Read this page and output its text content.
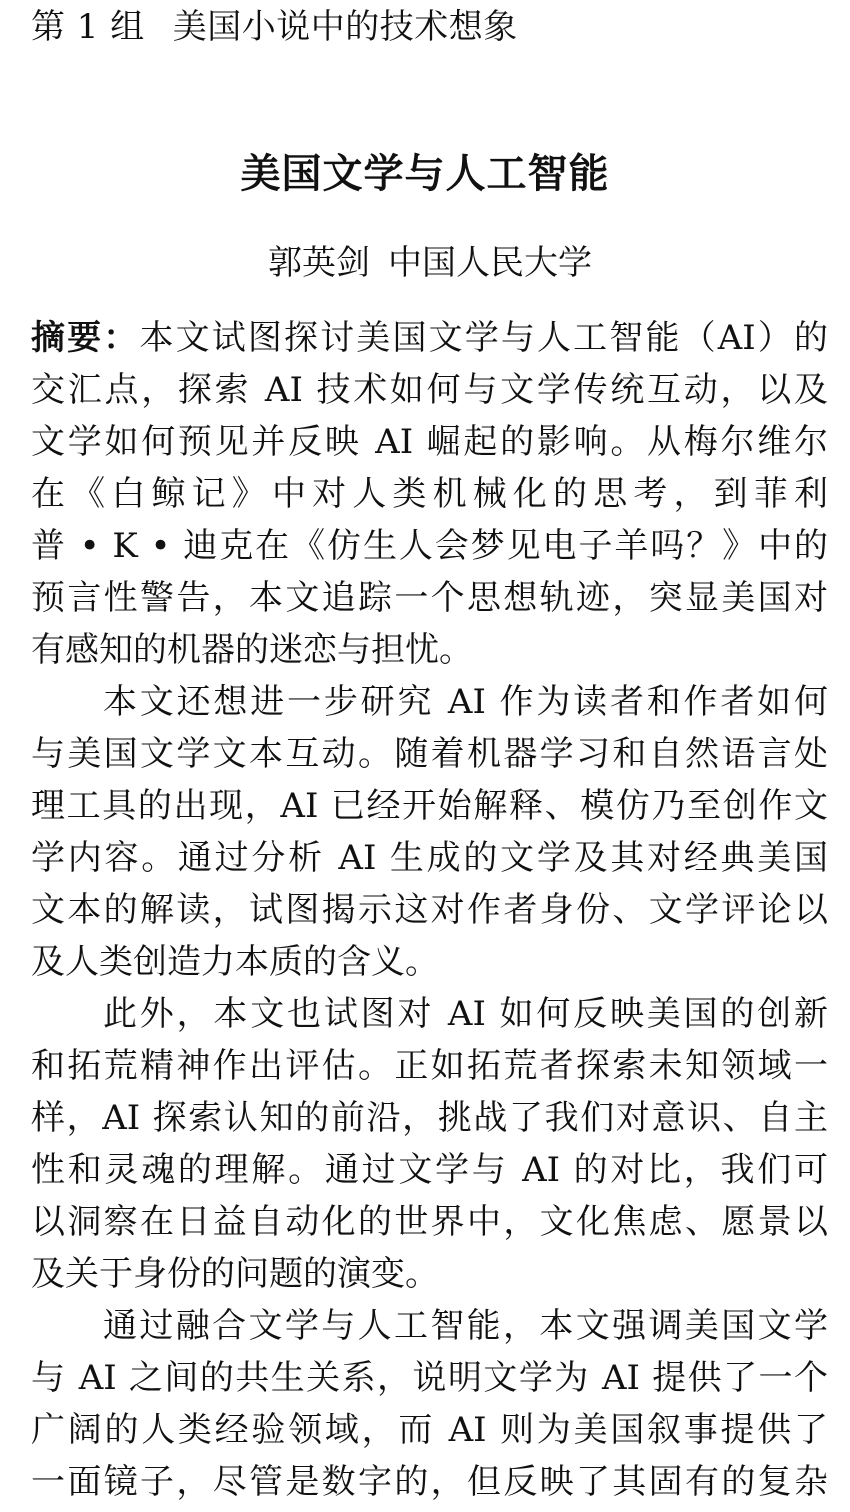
第 1 组 美国小说中的技术想象
美国文学与人工智能
郭英剑 中国人民大学
摘要：本文试图探讨美国文学与人工智能（AI）的
交汇点，探索 AI 技术如何与文学传统互动，以及
文学如何预见并反映 AI 崛起的影响。从梅尔维尔
在《白鲸记》中对人类机械化的思考，到菲利
普 • K • 迪克在《仿生人会梦见电子羊吗？》中的
预言性警告，本文追踪一个思想轨迹，突显美国对
有感知的机器的迷恋与担忧。
本文还想进一步研究 AI 作为读者和作者如何
与美国文学文本互动。随着机器学习和自然语言处
理工具的出现，AI 已经开始解释、模仿乃至创作文
学内容。通过分析 AI 生成的文学及其对经典美国
文本的解读，试图揭示这对作者身份、文学评论以
及人类创造力本质的含义。
此外，本文也试图对 AI 如何反映美国的创新
和拓荒精神作出评估。正如拓荒者探索未知领域一
样，AI 探索认知的前沿，挑战了我们对意识、自主
性和灵魂的理解。通过文学与 AI 的对比，我们可
以洞察在日益自动化的世界中，文化焦虑、愿景以
及关于身份的问题的演变。
通过融合文学与人工智能，本文强调美国文学
与 AI 之间的共生关系，说明文学为 AI 提供了一个
广阔的人类经验领域，而 AI 则为美国叙事提供了
一面镜子，尽管是数字的，但反映了其固有的复杂
